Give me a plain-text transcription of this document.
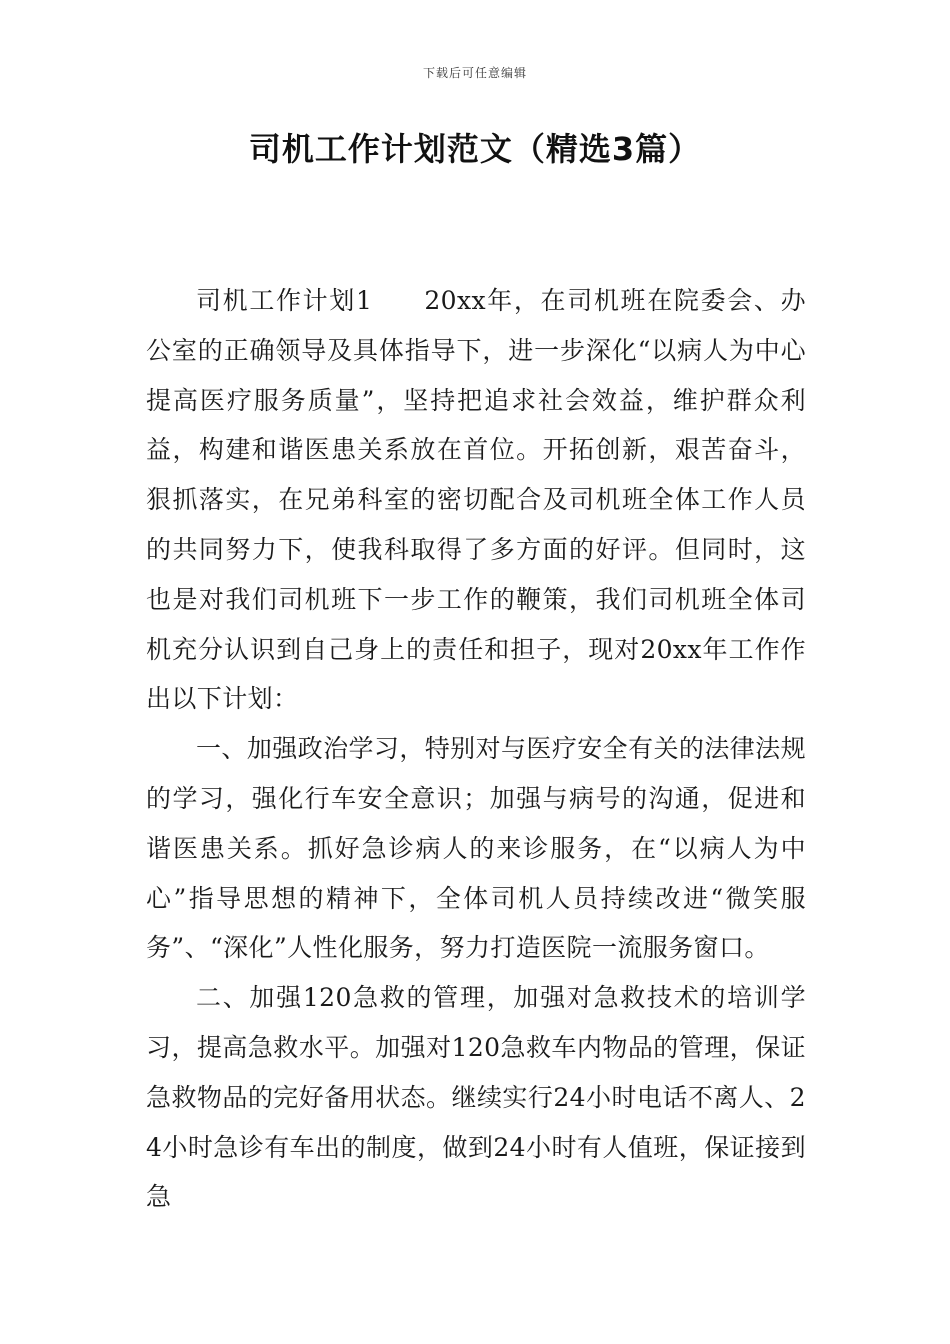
下载后可任意编辑
司机工作计划范文（精选3篇）

司机工作计划1 20xx年，在司机班在院委会、办公室的正确领导及具体指导下，进一步深化“以病人为中心提高医疗服务质量”，坚持把追求社会效益，维护群众利益，构建和谐医患关系放在首位。开拓创新，艰苦奋斗，狠抓落实，在兄弟科室的密切配合及司机班全体工作人员的共同努力下，使我科取得了多方面的好评。但同时，这也是对我们司机班下一步工作的鞭策，我们司机班全体司机充分认识到自己身上的责任和担子，现对20xx年工作作出以下计划：

一、加强政治学习，特别对与医疗安全有关的法律法规的学习，强化行车安全意识；加强与病号的沟通，促进和谐医患关系。抓好急诊病人的来诊服务，在“以病人为中心”指导思想的精神下，全体司机人员持续改进“微笑服务”、“深化”人性化服务，努力打造医院一流服务窗口。

二、加强120急救的管理，加强对急救技术的培训学习，提高急救水平。加强对120急救车内物品的管理，保证急救物品的完好备用状态。继续实行24小时电话不离人、24小时急诊有车出的制度，做到24小时有人值班，保证接到急
